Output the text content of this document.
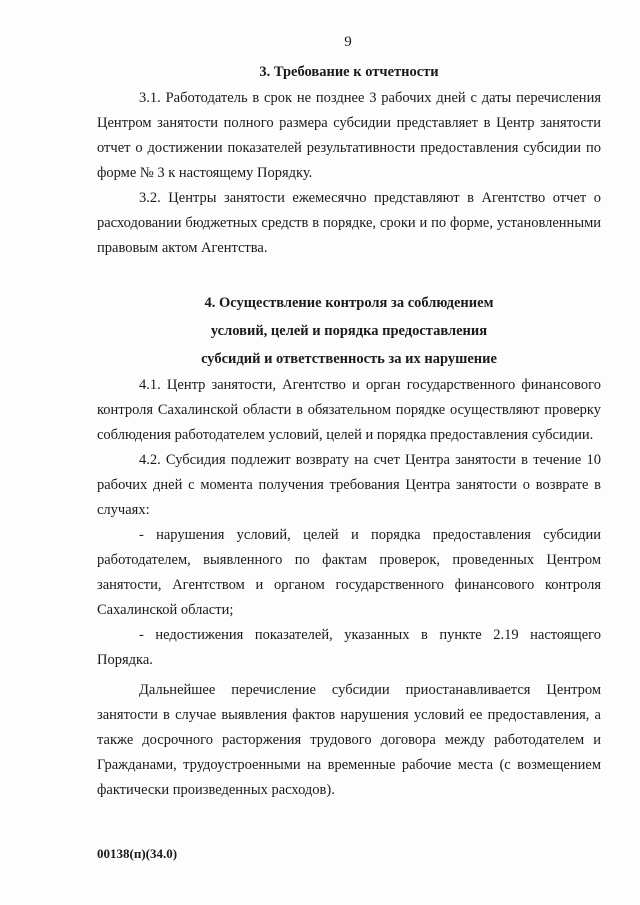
9

3. Требование к отчетности

3.1. Работодатель в срок не позднее 3 рабочих дней с даты перечисления Центром занятости полного размера субсидии представляет в Центр занятости отчет о достижении показателей результативности предоставления субсидии по форме № 3 к настоящему Порядку.

3.2. Центры занятости ежемесячно представляют в Агентство отчет о расходовании бюджетных средств в порядке, сроки и по форме, установленными правовым актом Агентства.

4. Осуществление контроля за соблюдением

условий, целей и порядка предоставления

субсидий и ответственность за их нарушение

4.1. Центр занятости, Агентство и орган государственного финансового контроля Сахалинской области в обязательном порядке осуществляют проверку соблюдения работодателем условий, целей и порядка предоставления субсидии.

4.2. Субсидия подлежит возврату на счет Центра занятости в течение 10 рабочих дней с момента получения требования Центра занятости о возврате в случаях:

- нарушения условий, целей и порядка предоставления субсидии работодателем, выявленного по фактам проверок, проведенных Центром занятости, Агентством и органом государственного финансового контроля Сахалинской области;

- недостижения показателей, указанных в пункте 2.19 настоящего Порядка.

Дальнейшее перечисление субсидии приостанавливается Центром занятости в случае выявления фактов нарушения условий ее предоставления, а также досрочного расторжения трудового договора между работодателем и Гражданами, трудоустроенными на временные рабочие места (с возмещением фактически произведенных расходов).

00138(п)(34.0)
